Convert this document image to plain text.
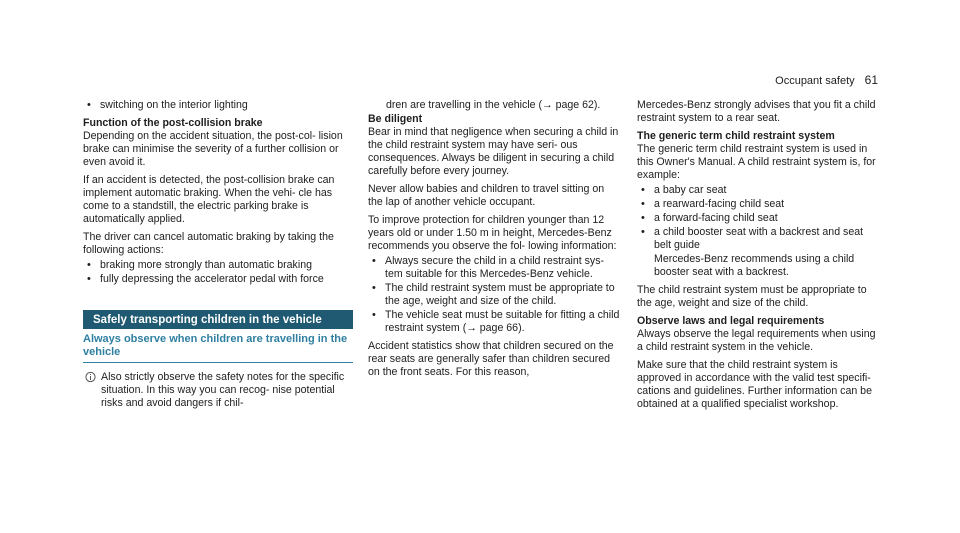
Occupant safety 61
• switching on the interior lighting
Function of the post-collision brake

Depending on the accident situation, the post-col- lision brake can minimise the severity of a further collision or even avoid it.

If an accident is detected, the post-collision brake can implement automatic braking. When the vehi- cle has come to a standstill, the electric parking brake is automatically applied.

The driver can cancel automatic braking by taking the following actions:

• braking more strongly than automatic braking
• fully depressing the accelerator pedal with force
Safely transporting children in the vehicle
Always observe when children are travelling in the vehicle
Also strictly observe the safety notes for the specific situation. In this way you can recog- nise potential risks and avoid dangers if chil-

dren are travelling in the vehicle (→ page 62).

Be diligent

Bear in mind that negligence when securing a child in the child restraint system may have seri- ous consequences. Always be diligent in securing a child carefully before every journey.

Never allow babies and children to travel sitting on the lap of another vehicle occupant.

To improve protection for children younger than 12 years old or under 1.50 m in height, Mercedes-Benz recommends you observe the fol- lowing information:

• Always secure the child in a child restraint sys- tem suitable for this Mercedes-Benz vehicle.
• The child restraint system must be appropriate to the age, weight and size of the child.
• The vehicle seat must be suitable for fitting a child restraint system (→ page 66).

Accident statistics show that children secured on the rear seats are generally safer than children secured on the front seats. For this reason,

Mercedes-Benz strongly advises that you fit a child restraint system to a rear seat.

The generic term child restraint system

The generic term child restraint system is used in this Owner's Manual. A child restraint system is, for example:

• a baby car seat
• a rearward-facing child seat
• a forward-facing child seat
• a child booster seat with a backrest and seat belt guide

Mercedes-Benz recommends using a child booster seat with a backrest.

The child restraint system must be appropriate to the age, weight and size of the child.

Observe laws and legal requirements

Always observe the legal requirements when using a child restraint system in the vehicle.

Make sure that the child restraint system is approved in accordance with the valid test specifi- cations and guidelines. Further information can be obtained at a qualified specialist workshop.
